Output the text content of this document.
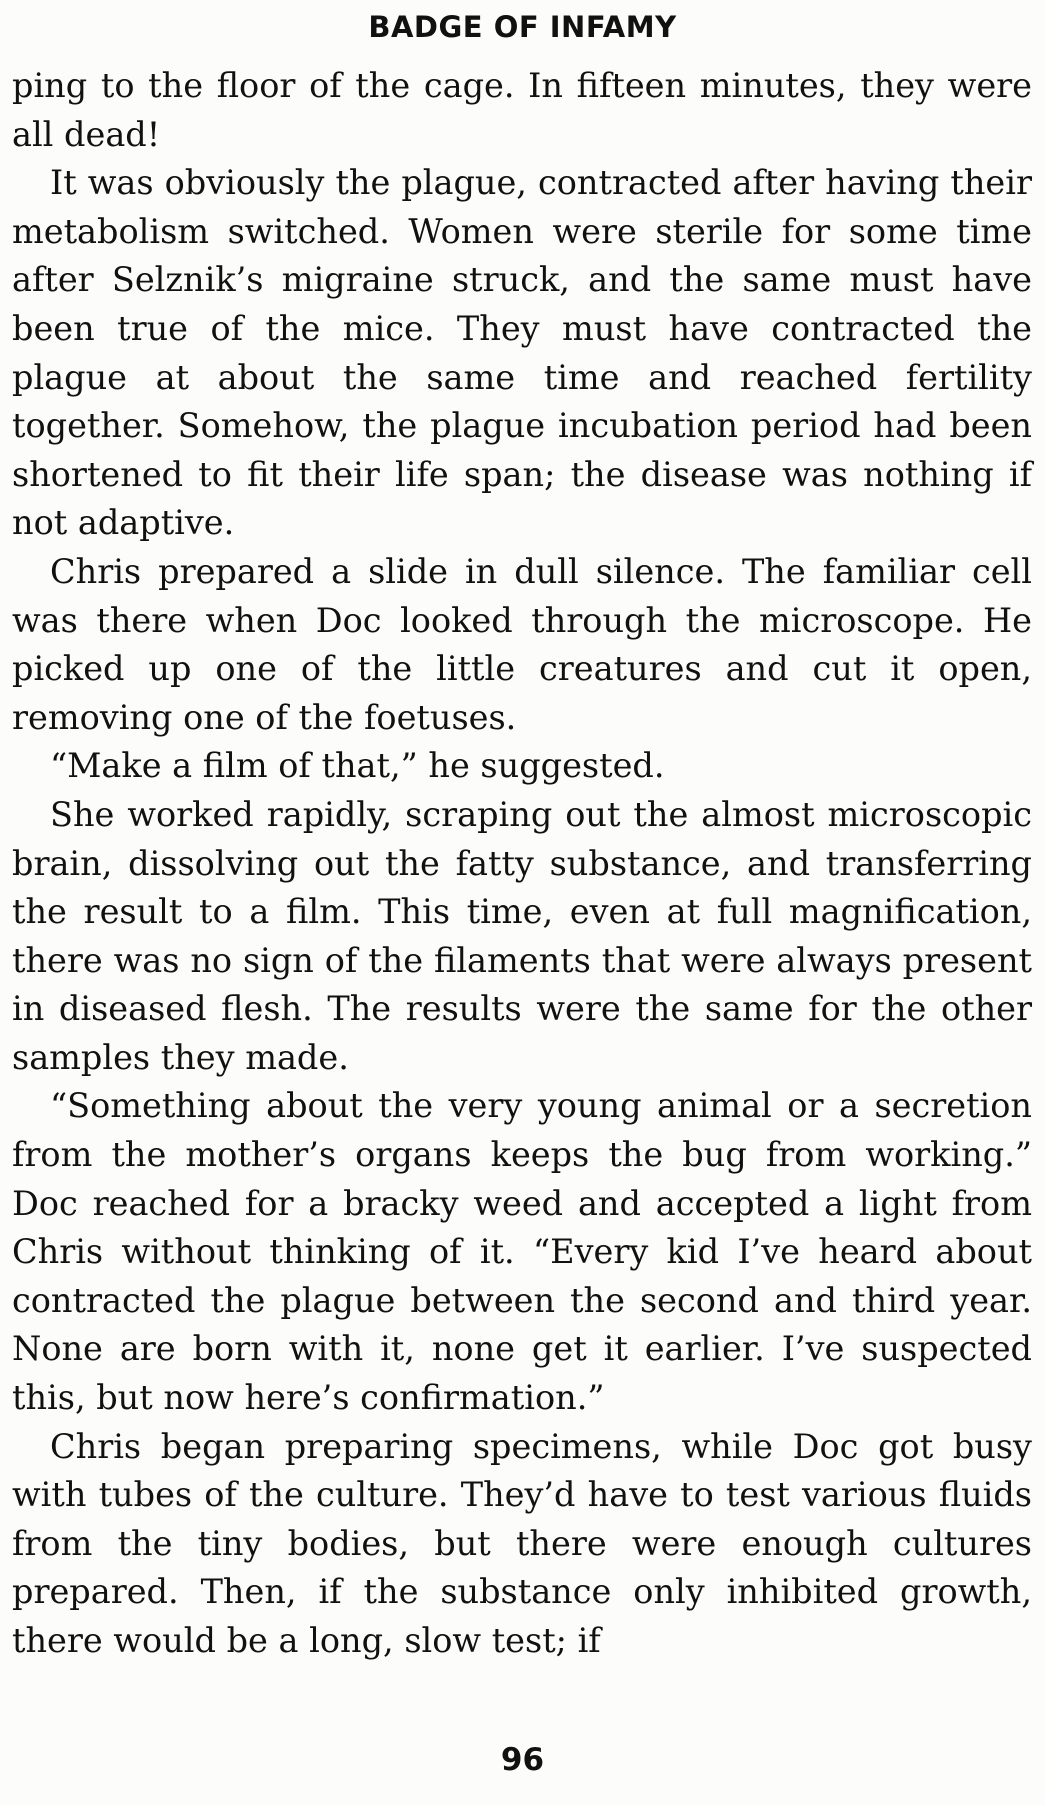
BADGE OF INFAMY

ping to the floor of the cage. In fifteen minutes, they were all dead!

It was obviously the plague, contracted after having their metabolism switched. Women were sterile for some time after Selznik’s migraine struck, and the same must have been true of the mice. They must have contracted the plague at about the same time and reached fertility together. Somehow, the plague incubation period had been shortened to fit their life span; the disease was nothing if not adaptive.

Chris prepared a slide in dull silence. The familiar cell was there when Doc looked through the microscope. He picked up one of the little creatures and cut it open, removing one of the foetuses.

“Make a film of that,” he suggested.

She worked rapidly, scraping out the almost microscopic brain, dissolving out the fatty substance, and transferring the result to a film. This time, even at full magnification, there was no sign of the filaments that were always present in diseased flesh. The results were the same for the other samples they made.

“Something about the very young animal or a secretion from the mother’s organs keeps the bug from working.” Doc reached for a bracky weed and accepted a light from Chris without thinking of it. “Every kid I’ve heard about contracted the plague between the second and third year. None are born with it, none get it earlier. I’ve suspected this, but now here’s confirmation.”

Chris began preparing specimens, while Doc got busy with tubes of the culture. They’d have to test various fluids from the tiny bodies, but there were enough cultures prepared. Then, if the substance only inhibited growth, there would be a long, slow test; if

96
